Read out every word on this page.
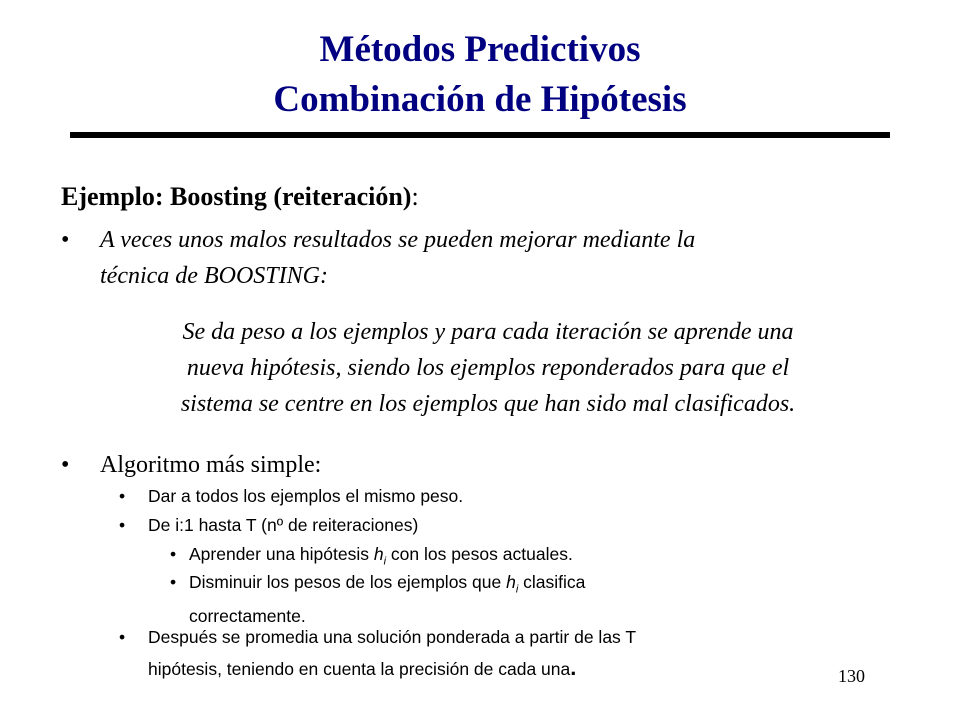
Métodos Predictivos
Combinación de Hipótesis
Ejemplo: Boosting (reiteración):
• A veces unos malos resultados se pueden mejorar mediante la
técnica de BOOSTING:
Se da peso a los ejemplos y para cada iteración se aprende una
nueva hipótesis, siendo los ejemplos reponderados para que el
sistema se centre en los ejemplos que han sido mal clasificados.
• Algoritmo más simple:
• Dar a todos los ejemplos el mismo peso.
• De i:1 hasta T (nº de reiteraciones)
• Aprender una hipótesis $h_i$ con los pesos actuales.
• Disminuir los pesos de los ejemplos que $h_i$ clasifica
correctamente.
• Después se promedia una solución ponderada a partir de las T
hipótesis, teniendo en cuenta la precisión de cada una.	130
